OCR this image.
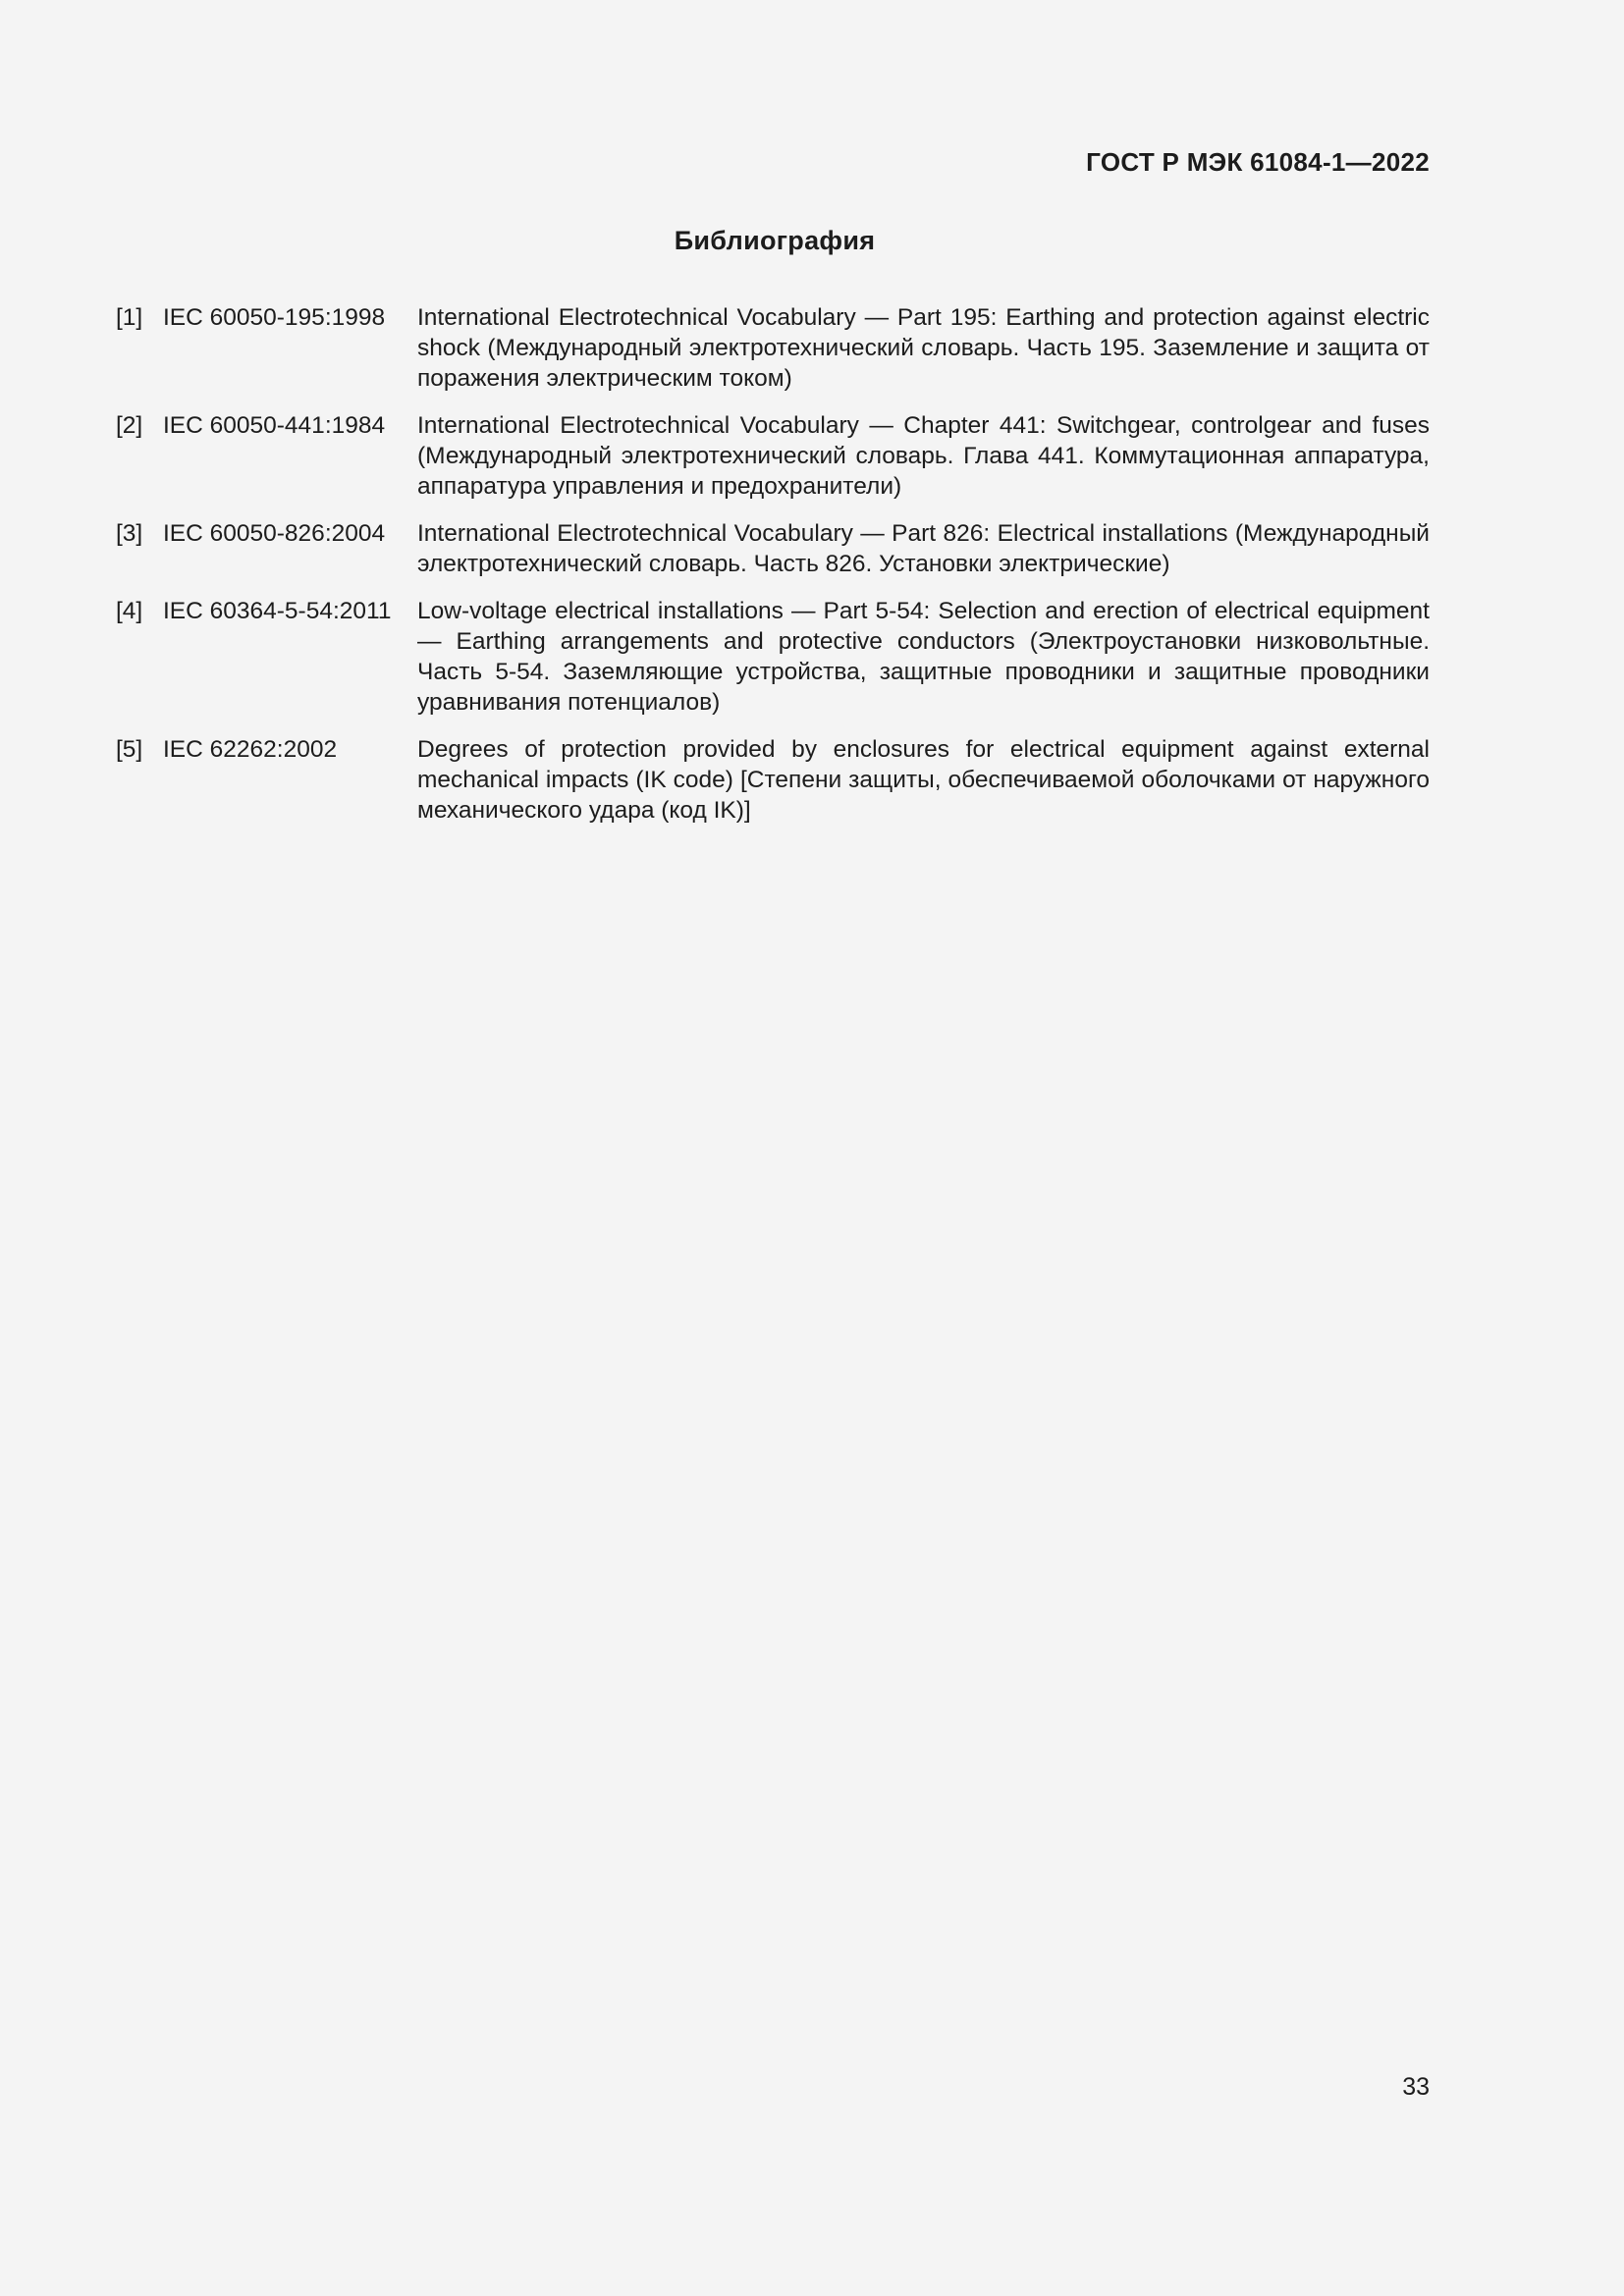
ГОСТ Р МЭК 61084-1—2022
Библиография
[1] IEC 60050-195:1998	International Electrotechnical Vocabulary — Part 195: Earthing and protection against electric shock (Международный электротехнический словарь. Часть 195. Заземление и защита от поражения электрическим током)
[2] IEC 60050-441:1984	International Electrotechnical Vocabulary — Chapter 441: Switchgear, controlgear and fuses (Международный электротехнический словарь. Глава 441. Коммутационная аппаратура, аппаратура управления и предохранители)
[3] IEC 60050-826:2004	International Electrotechnical Vocabulary — Part 826: Electrical installations (Международный электротехнический словарь. Часть 826. Установки электрические)
[4] IEC 60364-5-54:2011	Low-voltage electrical installations — Part 5-54: Selection and erection of electrical equipment — Earthing arrangements and protective conductors (Электроустановки низковольтные. Часть 5-54. Заземляющие устройства, защитные проводники и защитные проводники уравнивания потенциалов)
[5] IEC 62262:2002	Degrees of protection provided by enclosures for electrical equipment against external mechanical impacts (IK code) [Степени защиты, обеспечиваемой оболочками от наружного механического удара (код IK)]
33
